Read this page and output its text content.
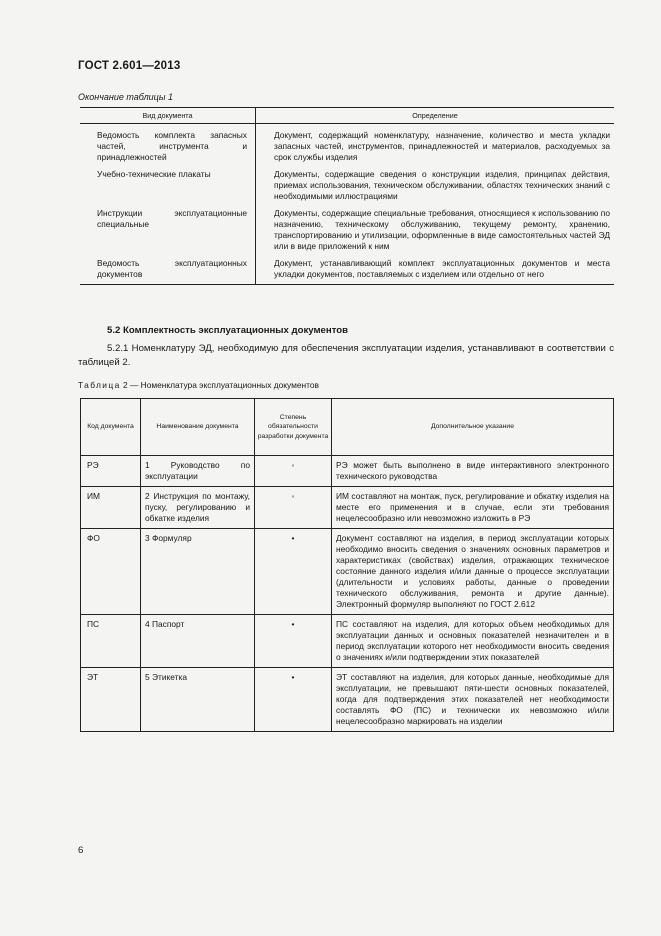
ГОСТ 2.601—2013
Окончание таблицы 1
Вид документа	Определение
Ведомость комплекта запасных частей, инструмента и принадлежностей	Документ, содержащий номенклатуру, назначение, количество и места укладки запасных частей, инструментов, принадлежностей и материалов, расходуемых за срок службы изделия
Учебно-технические плакаты	Документы, содержащие сведения о конструкции изделия, принципах действия, приемах использования, техническом обслуживании, областях технических знаний с необходимыми иллюстрациями
Инструкции эксплуатационные специальные	Документы, содержащие специальные требования, относящиеся к использованию по назначению, техническому обслуживанию, текущему ремонту, хранению, транспортированию и утилизации, оформленные в виде самостоятельных частей ЭД или в виде приложений к ним
Ведомость эксплуатационных документов	Документ, устанавливающий комплект эксплуатационных документов и места укладки документов, поставляемых с изделием или отдельно от него
5.2 Комплектность эксплуатационных документов
5.2.1 Номенклатуру ЭД, необходимую для обеспечения эксплуатации изделия, устанавливают в соответствии с таблицей 2.
Таблица 2 — Номенклатура эксплуатационных документов
Код документа	Наименование документа	Степень обязательности разработки документа	Дополнительное указание
РЭ	1 Руководство по эксплуатации	◦	РЭ может быть выполнено в виде интерактивного электронного технического руководства
ИМ	2 Инструкция по монтажу, пуску, регулированию и обкатке изделия	◦	ИМ составляют на монтаж, пуск, регулирование и обкатку изделия на месте его применения и в случае, если эти требования нецелесообразно или невозможно изложить в РЭ
ФО	3 Формуляр	•	Документ составляют на изделия, в период эксплуатации которых необходимо вносить сведения о значениях основных параметров и характеристиках (свойствах) изделия, отражающих техническое состояние данного изделия и/или данные о процессе эксплуатации (длительности и условиях работы, данные о проведении технического обслуживания, ремонта и другие данные). Электронный формуляр выполняют по ГОСТ 2.612
ПС	4 Паспорт	•	ПС составляют на изделия, для которых объем необходимых для эксплуатации данных и основных показателей незначителен и в период эксплуатации которого нет необходимости вносить сведения о значениях и/или подтверждении этих показателей
ЭТ	5 Этикетка	•	ЭТ составляют на изделия, для которых данные, необходимые для эксплуатации, не превышают пяти-шести основных показателей, когда для подтверждения этих показателей нет необходимости составлять ФО (ПС) и технически их невозможно и/или нецелесообразно маркировать на изделии
6
